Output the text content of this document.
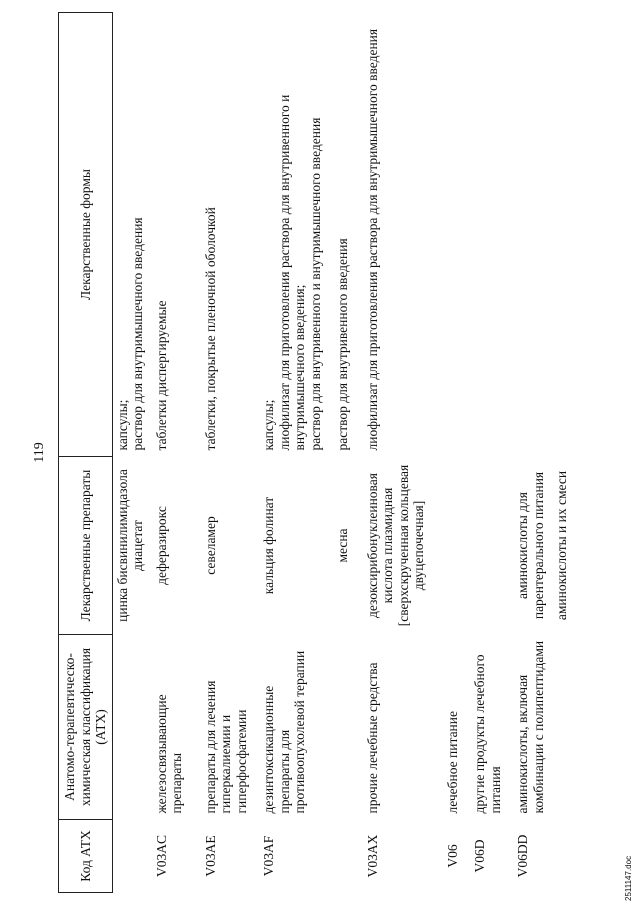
119
Код АТХ	Анатомо-терапевтическо-химическая классификация (АТХ)	Лекарственные препараты	Лекарственные формы
		цинка бисвинилимидазола диацетат	капсулы;
раствор для внутримышечного введения
V03AC	железосвязывающие препараты	деферазирокс	таблетки диспергируемые
V03AE	препараты для лечения гиперкалиемии и гиперфосфатемии	севеламер	таблетки, покрытые пленочной оболочкой
V03AF	дезинтоксикационные препараты для противоопухолевой терапии	кальция фолинат	капсулы;
лиофилизат для приготовления раствора для внутривенного и внутримышечного введения;
раствор для внутривенного и внутримышечного введения
		месна	раствор для внутривенного введения
V03AX	прочие лечебные средства	дезоксирибонуклеиновая кислота плазмидная [сверхскрученная кольцевая двуцепочечная]	лиофилизат для приготовления раствора для внутримышечного введения
V06	лечебное питание		
V06D	другие продукты лечебного питания		
V06DD	аминокислоты, включая комбинации с полипептидами	аминокислоты для парентерального питания	
		аминокислоты и их смеси	
2511147.doc
